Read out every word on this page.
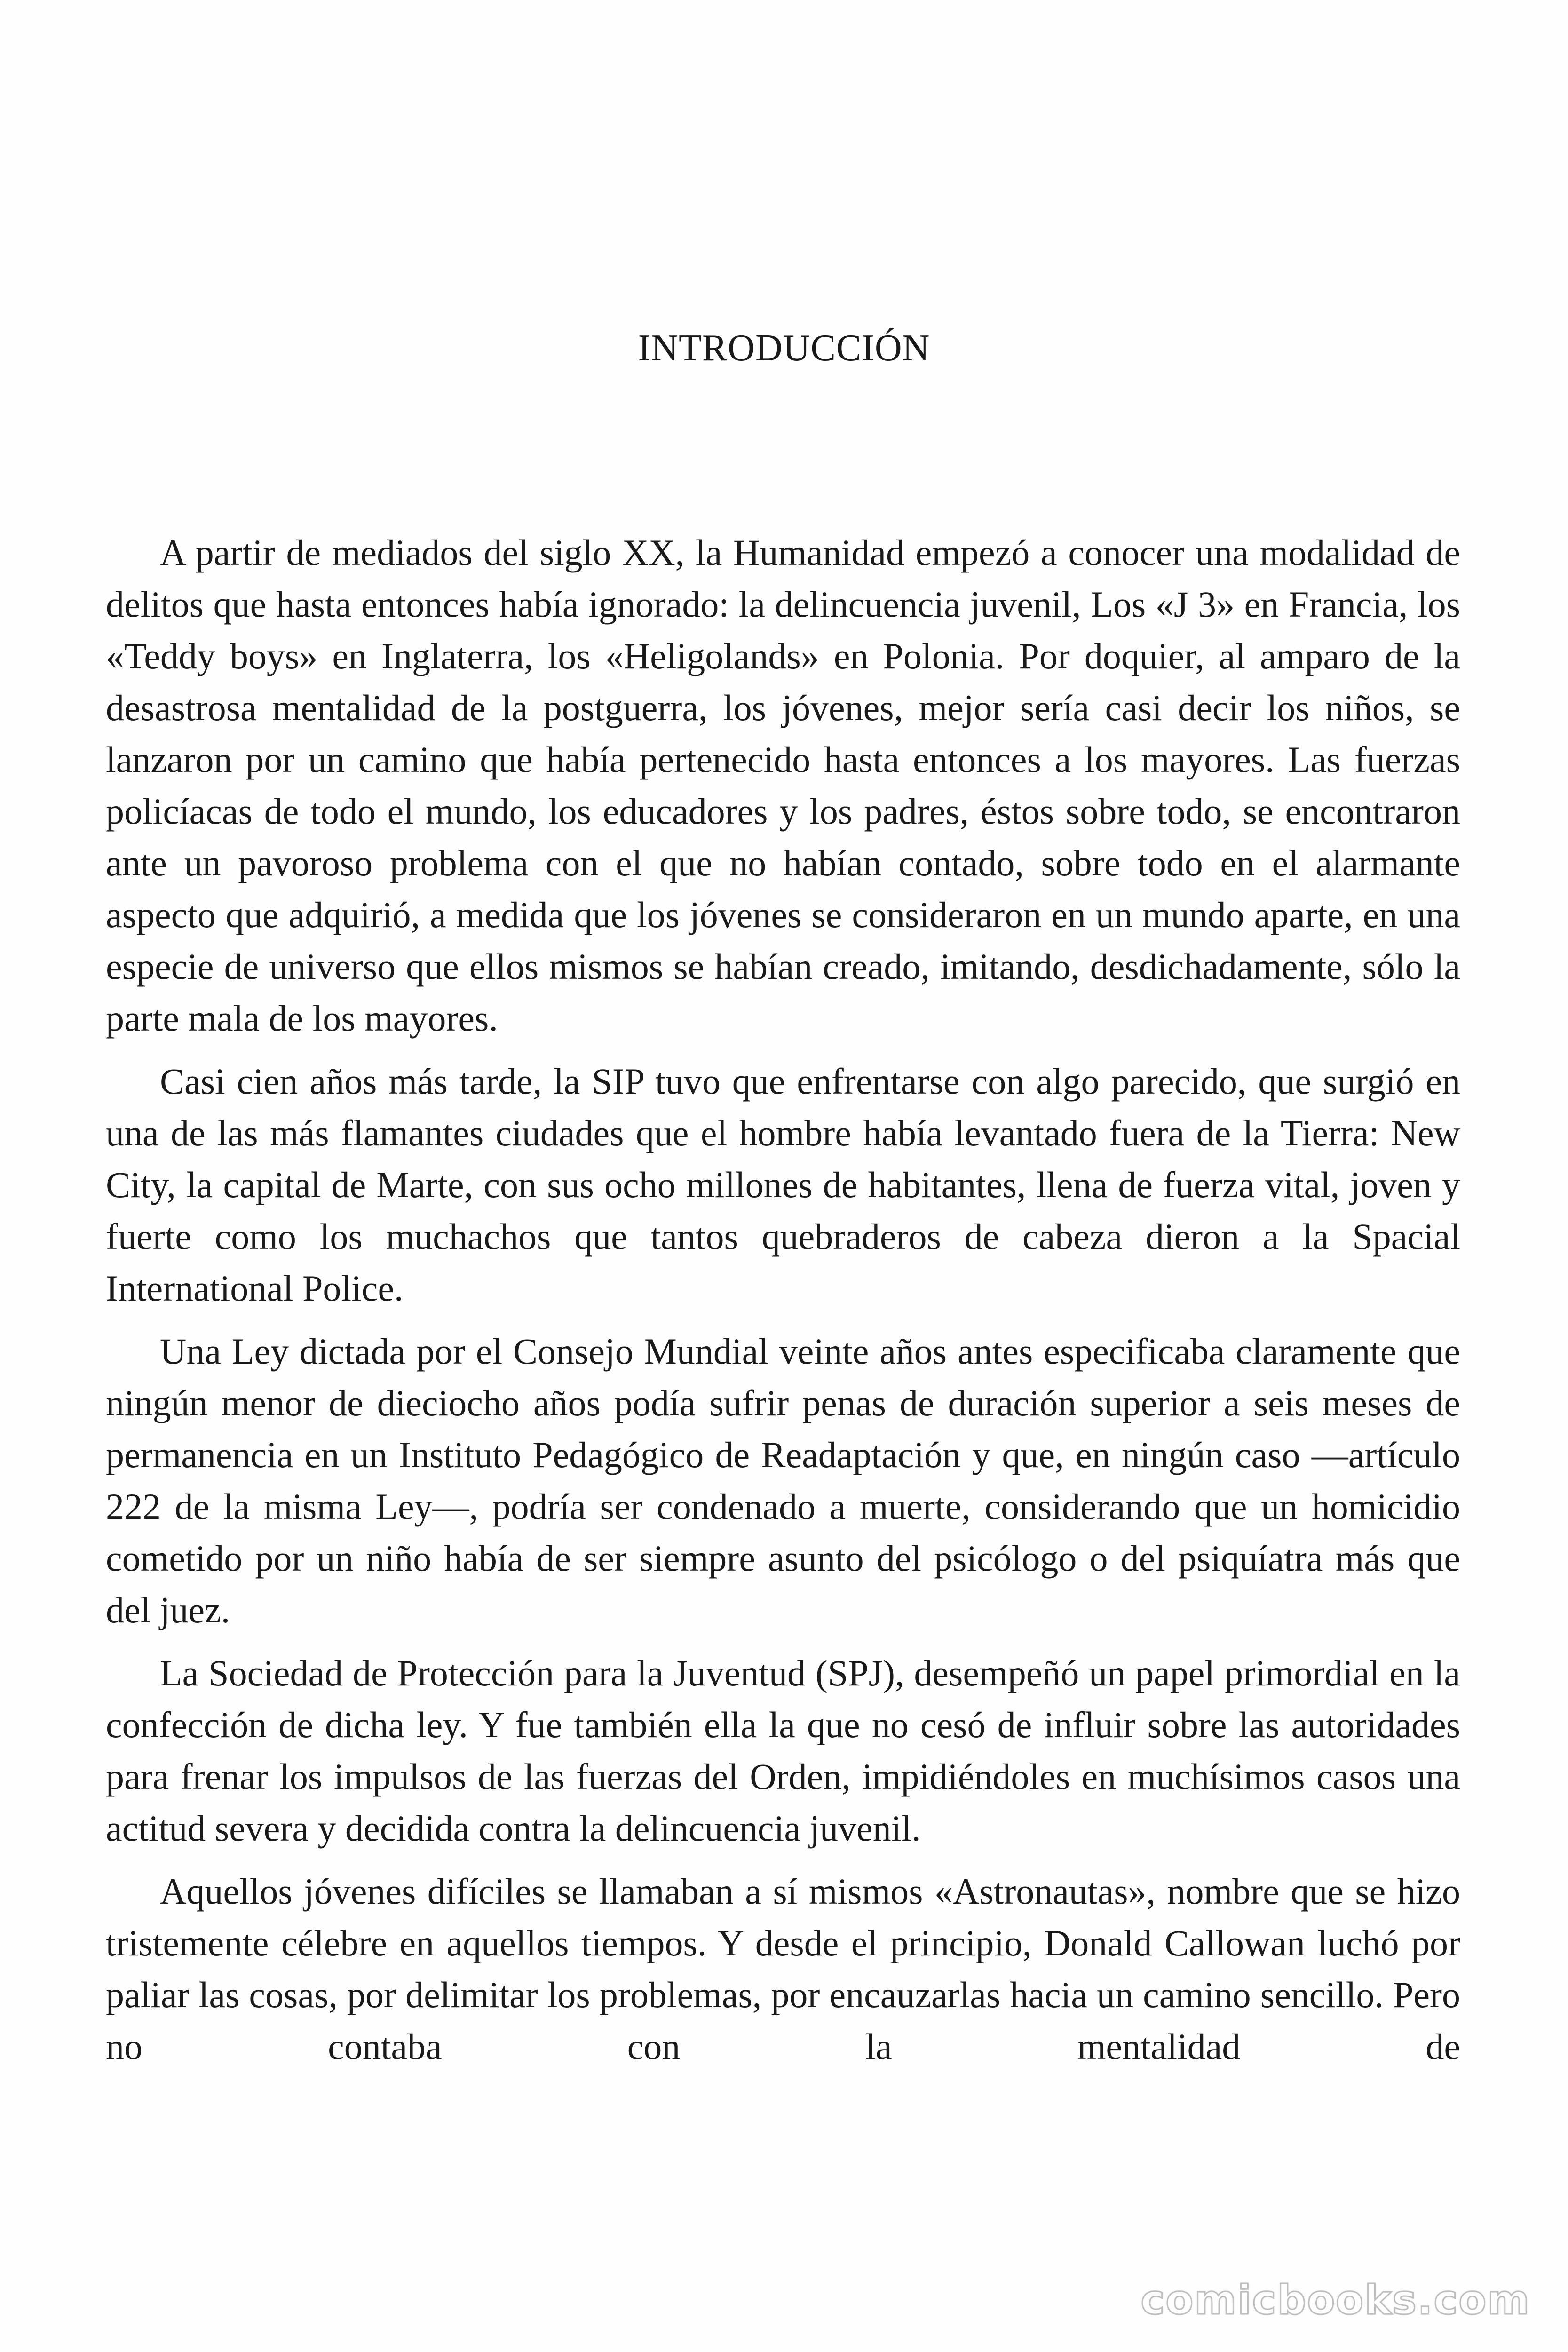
INTRODUCCIÓN

A partir de mediados del siglo XX, la Humanidad empezó a conocer una modalidad de delitos que hasta entonces había ignorado: la delincuencia juvenil, Los «J 3» en Francia, los «Teddy boys» en Inglaterra, los «Heligolands» en Polonia. Por doquier, al amparo de la desastrosa mentalidad de la postguerra, los jóvenes, mejor sería casi decir los niños, se lanzaron por un camino que había pertenecido hasta entonces a los mayores. Las fuerzas policíacas de todo el mundo, los educadores y los padres, éstos sobre todo, se encontraron ante un pavoroso problema con el que no habían contado, sobre todo en el alarmante aspecto que adquirió, a medida que los jóvenes se consideraron en un mundo aparte, en una especie de universo que ellos mismos se habían creado, imitando, desdichadamente, sólo la parte mala de los mayores.

Casi cien años más tarde, la SIP tuvo que enfrentarse con algo parecido, que surgió en una de las más flamantes ciudades que el hombre había levantado fuera de la Tierra: New City, la capital de Marte, con sus ocho millones de habitantes, llena de fuerza vital, joven y fuerte como los muchachos que tantos quebraderos de cabeza dieron a la Spacial International Police.

Una Ley dictada por el Consejo Mundial veinte años antes especificaba claramente que ningún menor de dieciocho años podía sufrir penas de duración superior a seis meses de permanencia en un Instituto Pedagógico de Readaptación y que, en ningún caso —artículo 222 de la misma Ley—, podría ser condenado a muerte, considerando que un homicidio cometido por un niño había de ser siempre asunto del psicólogo o del psiquíatra más que del juez.

La Sociedad de Protección para la Juventud (SPJ), desempeñó un papel primordial en la confección de dicha ley. Y fue también ella la que no cesó de influir sobre las autoridades para frenar los impulsos de las fuerzas del Orden, impidiéndoles en muchísimos casos una actitud severa y decidida contra la delincuencia juvenil.

Aquellos jóvenes difíciles se llamaban a sí mismos «Astronautas», nombre que se hizo tristemente célebre en aquellos tiempos. Y desde el principio, Donald Callowan luchó por paliar las cosas, por delimitar los problemas, por encauzarlas hacia un camino sencillo. Pero no contaba con la mentalidad de

comicbooks.com
